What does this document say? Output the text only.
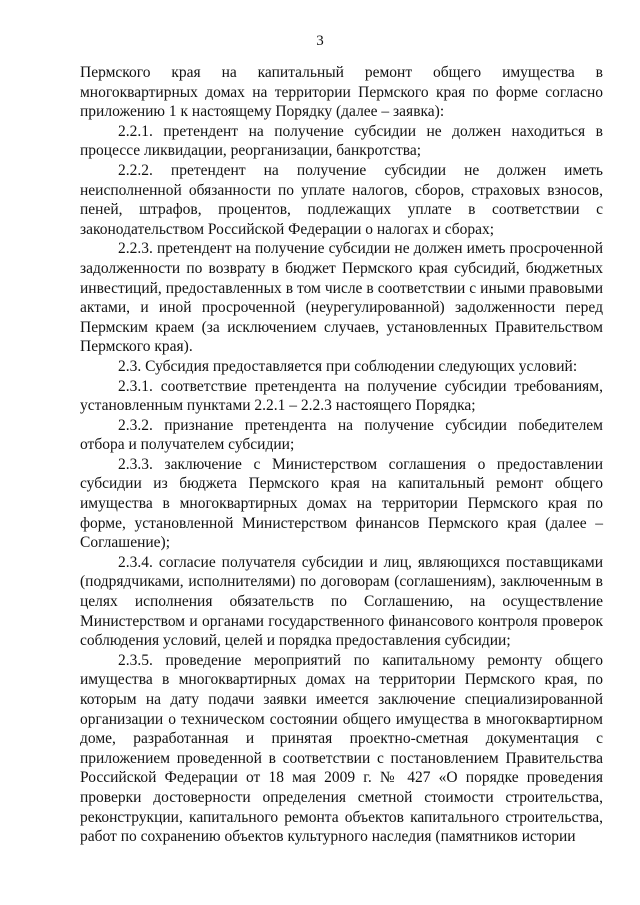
3

Пермского края на капитальный ремонт общего имущества в многоквартирных домах на территории Пермского края по форме согласно приложению 1 к настоящему Порядку (далее – заявка):

2.2.1. претендент на получение субсидии не должен находиться в процессе ликвидации, реорганизации, банкротства;

2.2.2. претендент на получение субсидии не должен иметь неисполненной обязанности по уплате налогов, сборов, страховых взносов, пеней, штрафов, процентов, подлежащих уплате в соответствии с законодательством Российской Федерации о налогах и сборах;

2.2.3. претендент на получение субсидии не должен иметь просроченной задолженности по возврату в бюджет Пермского края субсидий, бюджетных инвестиций, предоставленных в том числе в соответствии с иными правовыми актами, и иной просроченной (неурегулированной) задолженности перед Пермским краем (за исключением случаев, установленных Правительством Пермского края).

2.3. Субсидия предоставляется при соблюдении следующих условий:

2.3.1. соответствие претендента на получение субсидии требованиям, установленным пунктами 2.2.1 – 2.2.3 настоящего Порядка;

2.3.2. признание претендента на получение субсидии победителем отбора и получателем субсидии;

2.3.3. заключение с Министерством соглашения о предоставлении субсидии из бюджета Пермского края на капитальный ремонт общего имущества в многоквартирных домах на территории Пермского края по форме, установленной Министерством финансов Пермского края (далее – Соглашение);

2.3.4. согласие получателя субсидии и лиц, являющихся поставщиками (подрядчиками, исполнителями) по договорам (соглашениям), заключенным в целях исполнения обязательств по Соглашению, на осуществление Министерством и органами государственного финансового контроля проверок соблюдения условий, целей и порядка предоставления субсидии;

2.3.5. проведение мероприятий по капитальному ремонту общего имущества в многоквартирных домах на территории Пермского края, по которым на дату подачи заявки имеется заключение специализированной организации о техническом состоянии общего имущества в многоквартирном доме, разработанная и принятая проектно-сметная документация с приложением проведенной в соответствии с постановлением Правительства Российской Федерации от 18 мая 2009 г. № 427 «О порядке проведения проверки достоверности определения сметной стоимости строительства, реконструкции, капитального ремонта объектов капитального строительства, работ по сохранению объектов культурного наследия (памятников истории
